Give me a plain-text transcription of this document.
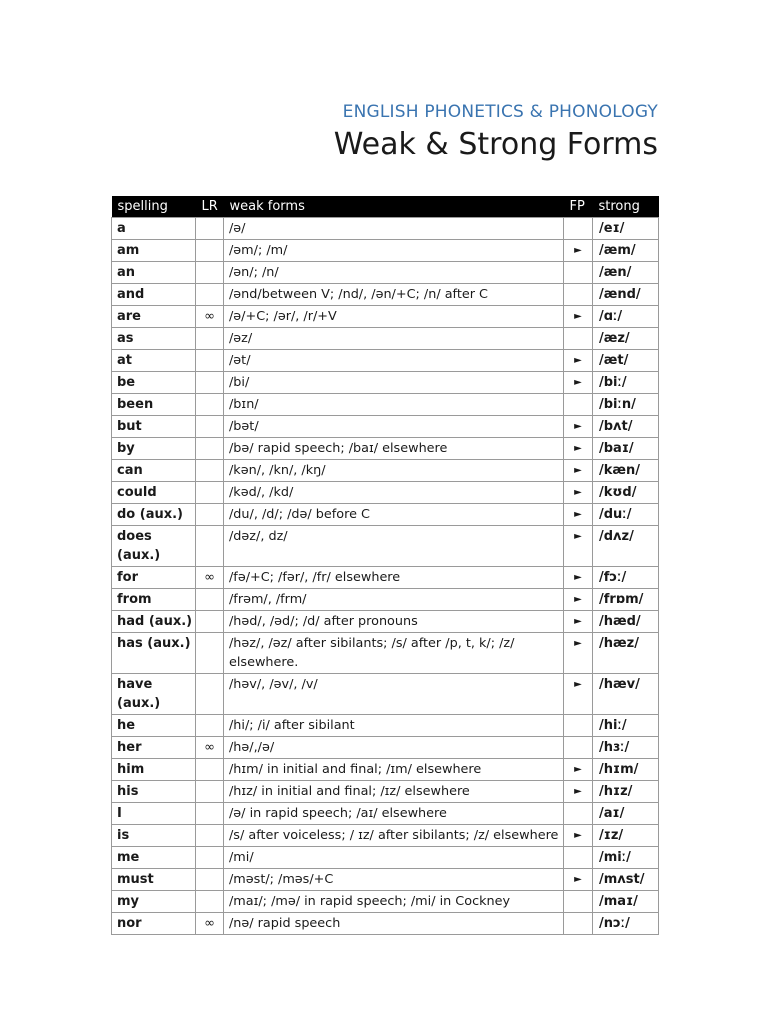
ENGLISH PHONETICS & PHONOLOGY
Weak & Strong Forms
spelling	LR	weak forms	FP	strong
a		/ə/		/eɪ/
am		/əm/; /m/	►	/æm/
an		/ən/; /n/		/æn/
and		/ənd/between V; /nd/, /ən/+C; /n/ after C		/ænd/
are	∞	/ə/+C; /ər/, /r/+V	►	/ɑː/
as		/əz/		/æz/
at		/ət/	►	/æt/
be		/bi/	►	/biː/
been		/bɪn/		/biːn/
but		/bət/	►	/bʌt/
by		/bə/ rapid speech; /baɪ/ elsewhere	►	/baɪ/
can		/kən/, /kn/, /kŋ/	►	/kæn/
could		/kəd/, /kd/	►	/kʊd/
do (aux.)		/du/, /d/; /də/ before C	►	/duː/
does (aux.)		/dəz/, dz/	►	/dʌz/
for	∞	/fə/+C; /fər/, /fr/ elsewhere	►	/fɔː/
from		/frəm/, /frm/	►	/frɒm/
had (aux.)		/həd/, /əd/; /d/ after pronouns	►	/hæd/
has (aux.)		/həz/, /əz/ after sibilants; /s/ after /p, t, k/; /z/ elsewhere.	►	/hæz/
have (aux.)		/həv/, /əv/, /v/	►	/hæv/
he		/hi/; /i/ after sibilant		/hiː/
her	∞	/hə/,/ə/		/hɜː/
him		/hɪm/ in initial and final; /ɪm/ elsewhere	►	/hɪm/
his		/hɪz/ in initial and final; /ɪz/ elsewhere	►	/hɪz/
I		/ə/ in rapid speech; /aɪ/ elsewhere		/aɪ/
is		/s/ after voiceless; / ɪz/ after sibilants; /z/ elsewhere	►	/ɪz/
me		/mi/		/miː/
must		/məst/; /məs/+C	►	/mʌst/
my		/maɪ/; /mə/ in rapid speech; /mi/ in Cockney		/maɪ/
nor	∞	/nə/ rapid speech		/nɔː/
